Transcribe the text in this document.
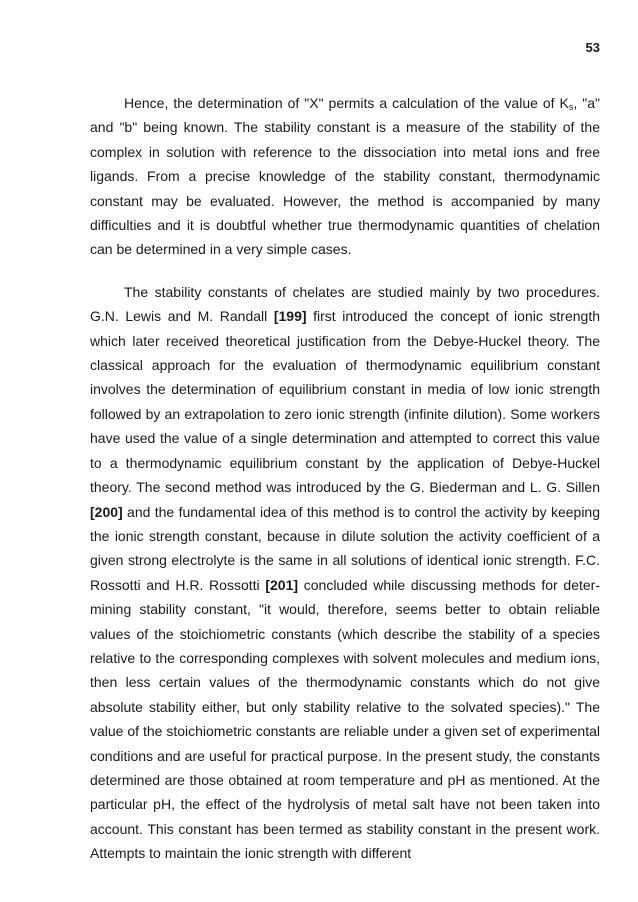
53

Hence, the determination of "X" permits a calculation of the value of $K_s$, "a" and "b" being known. The stability constant is a measure of the stability of the complex in solution with reference to the dissociation into metal ions and free ligands. From a precise knowledge of the stability constant, thermodynamic constant may be evaluated. However, the method is accompanied by many difficulties and it is doubtful whether true thermodynamic quantities of chelation can be determined in a very simple cases.

The stability constants of chelates are studied mainly by two procedures. G.N. Lewis and M. Randall [199] first introduced the concept of ionic strength which later received theoretical justification from the Debye-Huckel theory. The classical approach for the evaluation of thermodynamic equilibrium constant involves the determination of equilibrium constant in media of low ionic strength followed by an extrapolation to zero ionic strength (infinite dilution). Some workers have used the value of a single determination and attempted to correct this value to a thermodynamic equilibrium constant by the application of Debye-Huckel theory. The second method was introduced by the G. Biederman and L. G. Sillen [200] and the fundamental idea of this method is to control the activity by keeping the ionic strength constant, because in dilute solution the activity coefficient of a given strong electrolyte is the same in all solutions of identical ionic strength. F.C. Rossotti and H.R. Rossotti [201] concluded while discussing methods for deter-mining stability constant, "it would, therefore, seems better to obtain reliable values of the stoichiometric constants (which describe the stability of a species relative to the corresponding complexes with solvent molecules and medium ions, then less certain values of the thermodynamic constants which do not give absolute stability either, but only stability relative to the solvated species)." The value of the stoichiometric constants are reliable under a given set of experimental conditions and are useful for practical purpose. In the present study, the constants determined are those obtained at room temperature and pH as mentioned. At the particular pH, the effect of the hydrolysis of metal salt have not been taken into account. This constant has been termed as stability constant in the present work. Attempts to maintain the ionic strength with different
